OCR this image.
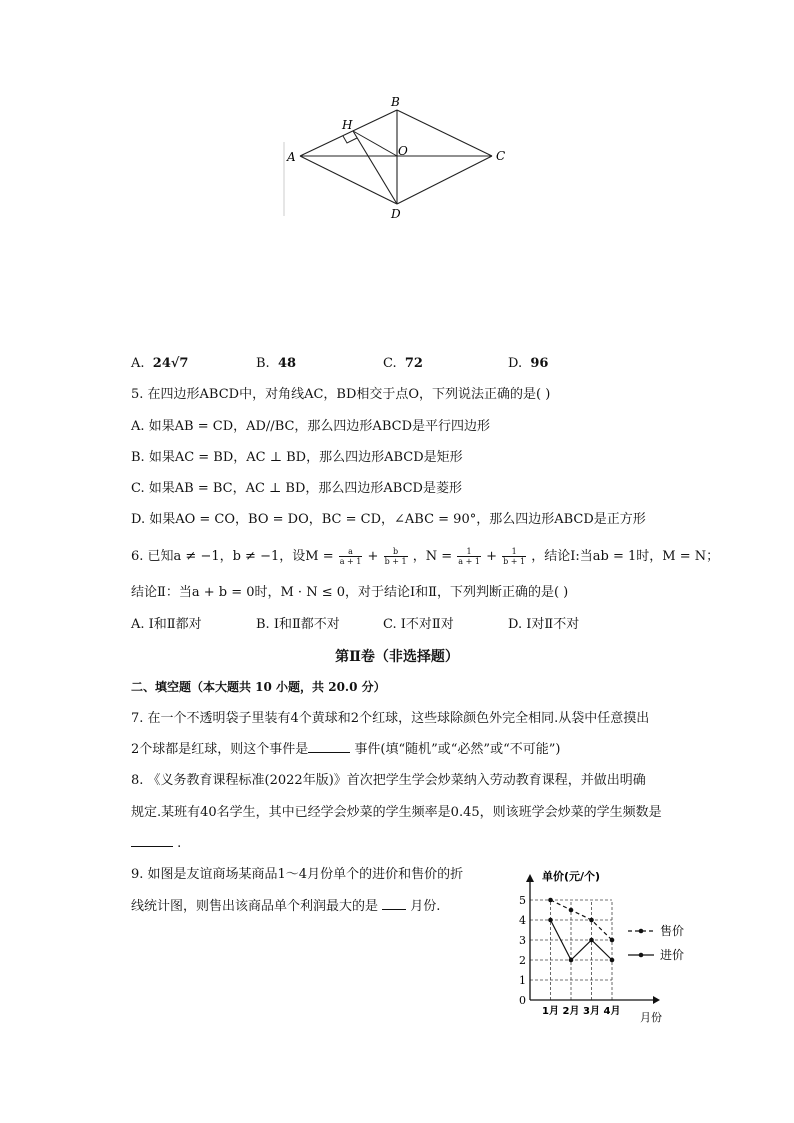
A
B
C
D
H
O
A. 24√7	B. 48	C. 72	D. 96
5. 在四边形ABCD中，对角线AC，BD相交于点O，下列说法正确的是( )
A. 如果AB = CD，AD//BC，那么四边形ABCD是平行四边形
B. 如果AC = BD，AC ⊥ BD，那么四边形ABCD是矩形
C. 如果AB = BC，AC ⊥ BD，那么四边形ABCD是菱形
D. 如果AO = CO，BO = DO，BC = CD，∠ABC = 90°，那么四边形ABCD是正方形
6. 已知a ≠ −1，b ≠ −1，设$M = \frac{a}{a + 1} + \frac{b}{b + 1}$ ，$N = \frac{1}{a + 1} + \frac{1}{b + 1}$ ，结论Ⅰ:当ab = 1时，M = N；
结论Ⅱ：当a + b = 0时，M · N ≤ 0，对于结论Ⅰ和Ⅱ，下列判断正确的是( )
A. Ⅰ和Ⅱ都对	B. Ⅰ和Ⅱ都不对	C. Ⅰ不对Ⅱ对	D. Ⅰ对Ⅱ不对
第Ⅱ卷（非选择题）
二、填空题（本大题共 10 小题，共 20.0 分）
7. 在一个不透明袋子里装有4个黄球和2个红球，这些球除颜色外完全相同.从袋中任意摸出
2个球都是红球，则这个事件是	事件(填“随机”或“必然”或“不可能”)
8. 《义务教育课程标准(2022年版)》首次把学生学会炒菜纳入劳动教育课程，并做出明确
规定.某班有40名学生，其中已经学会炒菜的学生频率是0.45，则该班学会炒菜的学生频数是
.
9. 如图是友谊商场某商品1～4月份单个的进价和售价的折
线统计图，则售出该商品单个利润最大的是 月份.
0
1
2
3
4
5
1月 2月 3月 4月
单价(元/个)
月份
售价
进价
